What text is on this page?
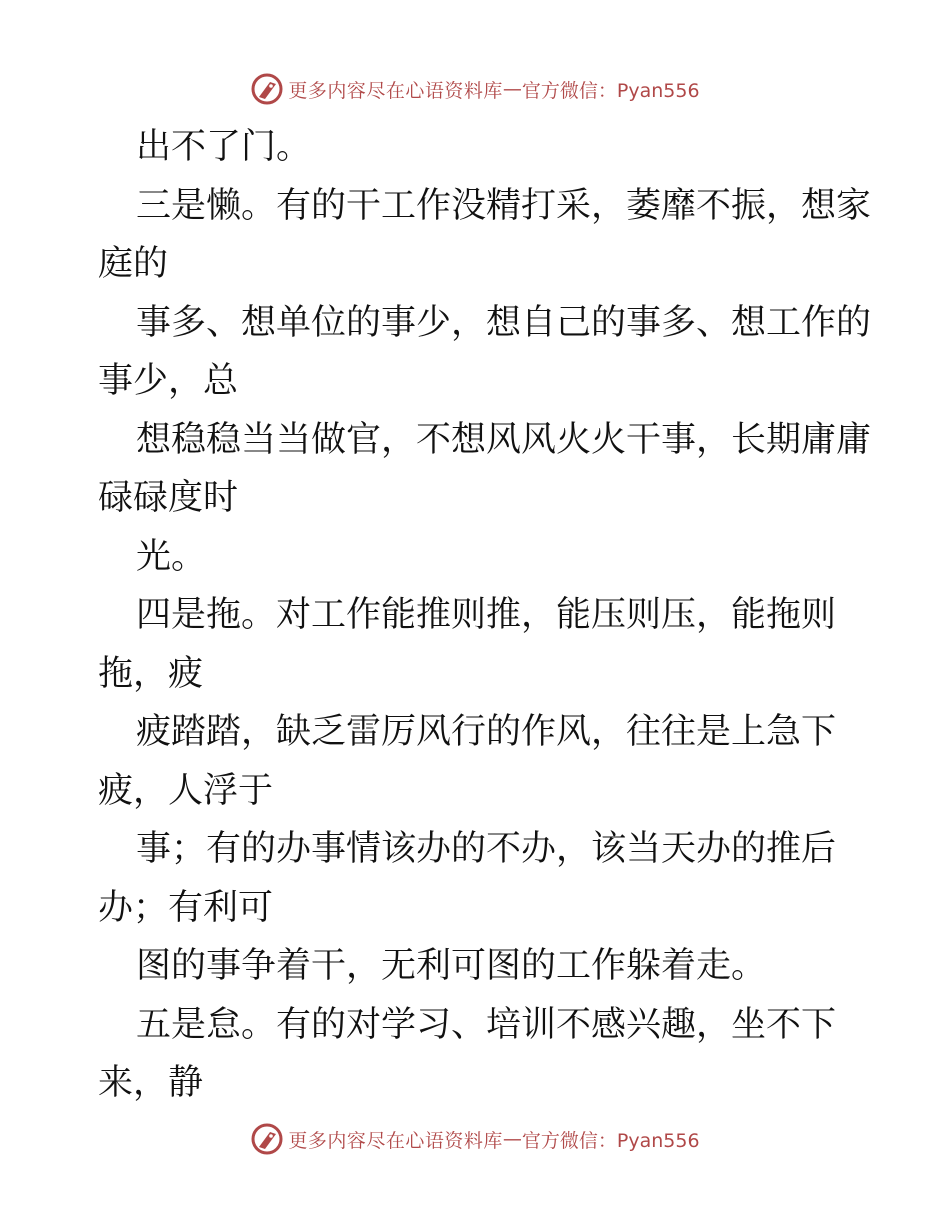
更多内容尽在心语资料库 — 官方微信：Pyan556
出不了门。
三是懒。有的干工作没精打采，萎靡不振，想家
庭的
事多、想单位的事少，想自己的事多、想工作的
事少，总
想稳稳当当做官，不想风风火火干事，长期庸庸
碌碌度时
光。
四是拖。对工作能推则推，能压则压，能拖则
拖，疲
疲踏踏，缺乏雷厉风行的作风，往往是上急下
疲，人浮于
事；有的办事情该办的不办，该当天办的推后
办；有利可
图的事争着干，无利可图的工作躲着走。
五是怠。有的对学习、培训不感兴趣，坐不下
来，静
更多内容尽在心语资料库 — 官方微信：Pyan556
